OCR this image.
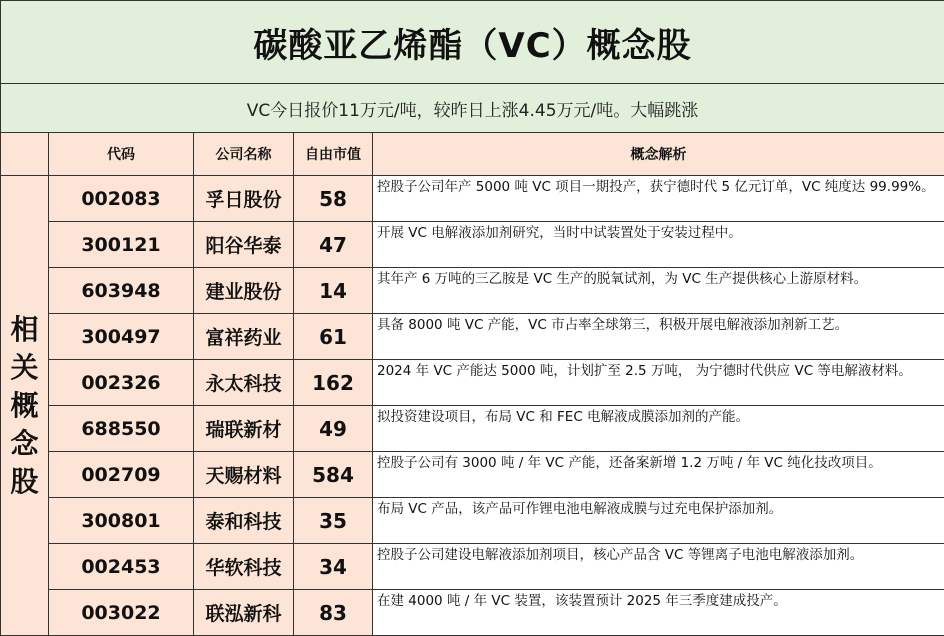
碳酸亚乙烯酯（VC）概念股				
VC今日报价11万元/吨，较昨日上涨4.45万元/吨。大幅跳涨				
	代码	公司名称	自由市值	概念解析
相关概念股	002083	孚日股份	58	控股子公司年产 5000 吨 VC 项目一期投产，获宁德时代 5 亿元订单，VC 纯度达 99.99%。
	300121	阳谷华泰	47	开展 VC 电解液添加剂研究，当时中试装置处于安装过程中。
	603948	建业股份	14	其年产 6 万吨的三乙胺是 VC 生产的脱氧试剂，为 VC 生产提供核心上游原材料。
	300497	富祥药业	61	具备 8000 吨 VC 产能，VC 市占率全球第三，积极开展电解液添加剂新工艺。
	002326	永太科技	162	2024 年 VC 产能达 5000 吨，计划扩至 2.5 万吨， 为宁德时代供应 VC 等电解液材料。
	688550	瑞联新材	49	拟投资建设项目，布局 VC 和 FEC 电解液成膜添加剂的产能。
	002709	天赐材料	584	控股子公司有 3000 吨 / 年 VC 产能，还备案新增 1.2 万吨 / 年 VC 纯化技改项目。
	300801	泰和科技	35	布局 VC 产品，该产品可作锂电池电解液成膜与过充电保护添加剂。
	002453	华软科技	34	控股子公司建设电解液添加剂项目，核心产品含 VC 等锂离子电池电解液添加剂。
	003022	联泓新科	83	在建 4000 吨 / 年 VC 装置，该装置预计 2025 年三季度建成投产。
